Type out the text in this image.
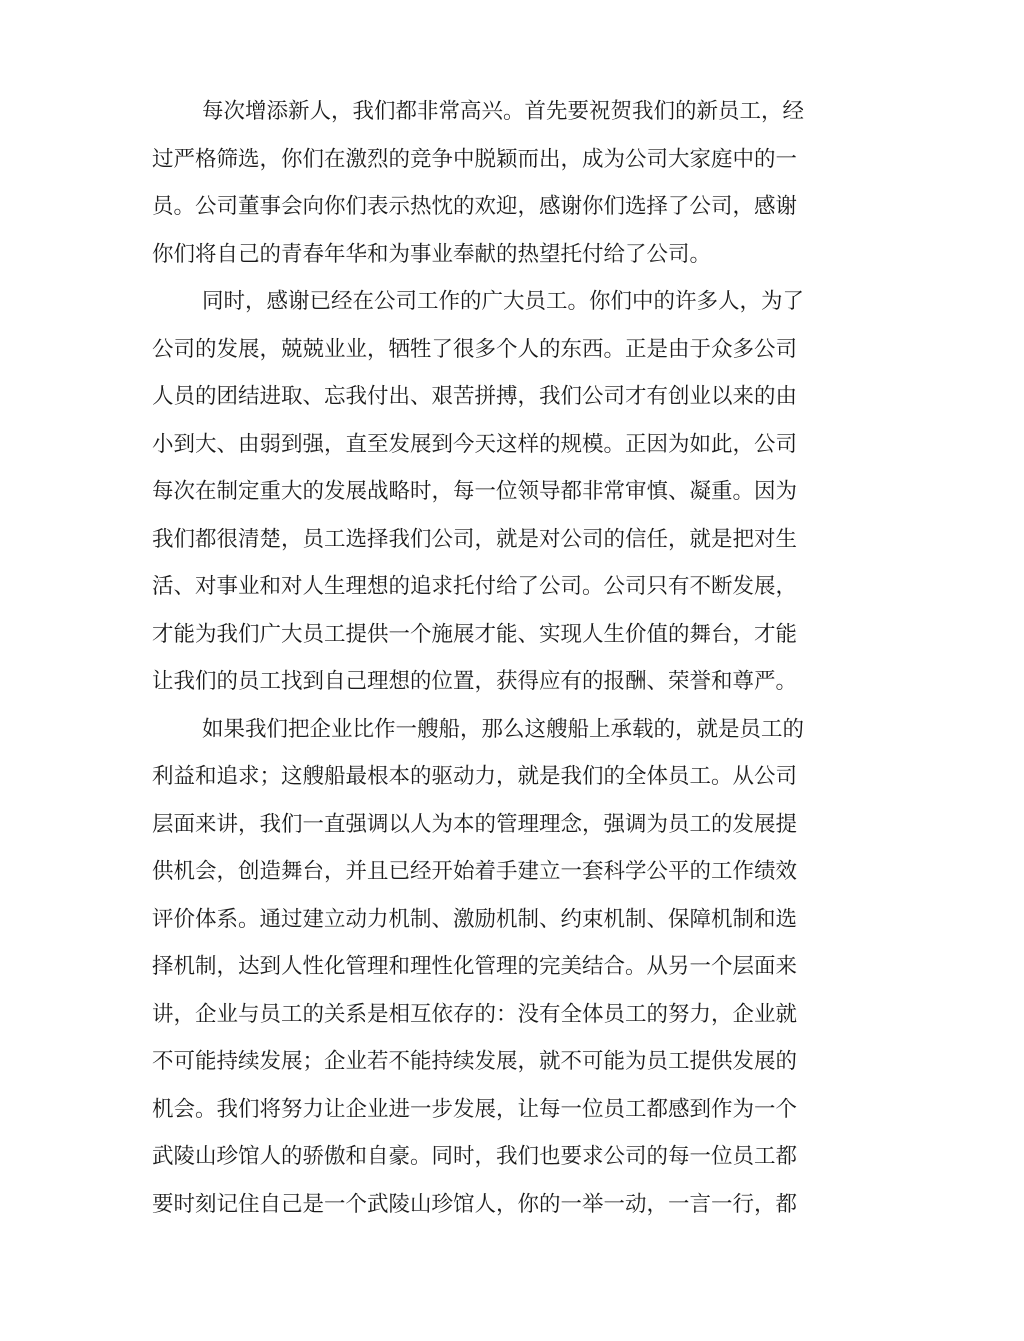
每次增添新人，我们都非常高兴。首先要祝贺我们的新员工，经
过严格筛选，你们在激烈的竞争中脱颖而出，成为公司大家庭中的一
员。公司董事会向你们表示热忱的欢迎，感谢你们选择了公司，感谢
你们将自己的青春年华和为事业奉献的热望托付给了公司。
同时，感谢已经在公司工作的广大员工。你们中的许多人，为了
公司的发展，兢兢业业，牺牲了很多个人的东西。正是由于众多公司
人员的团结进取、忘我付出、艰苦拼搏，我们公司才有创业以来的由
小到大、由弱到强，直至发展到今天这样的规模。正因为如此，公司
每次在制定重大的发展战略时，每一位领导都非常审慎、凝重。因为
我们都很清楚，员工选择我们公司，就是对公司的信任，就是把对生
活、对事业和对人生理想的追求托付给了公司。公司只有不断发展，
才能为我们广大员工提供一个施展才能、实现人生价值的舞台，才能
让我们的员工找到自己理想的位置，获得应有的报酬、荣誉和尊严。
如果我们把企业比作一艘船，那么这艘船上承载的，就是员工的
利益和追求；这艘船最根本的驱动力，就是我们的全体员工。从公司
层面来讲，我们一直强调以人为本的管理理念，强调为员工的发展提
供机会，创造舞台，并且已经开始着手建立一套科学公平的工作绩效
评价体系。通过建立动力机制、激励机制、约束机制、保障机制和选
择机制，达到人性化管理和理性化管理的完美结合。从另一个层面来
讲，企业与员工的关系是相互依存的：没有全体员工的努力，企业就
不可能持续发展；企业若不能持续发展，就不可能为员工提供发展的
机会。我们将努力让企业进一步发展，让每一位员工都感到作为一个
武陵山珍馆人的骄傲和自豪。同时，我们也要求公司的每一位员工都
要时刻记住自己是一个武陵山珍馆人，你的一举一动，一言一行，都
